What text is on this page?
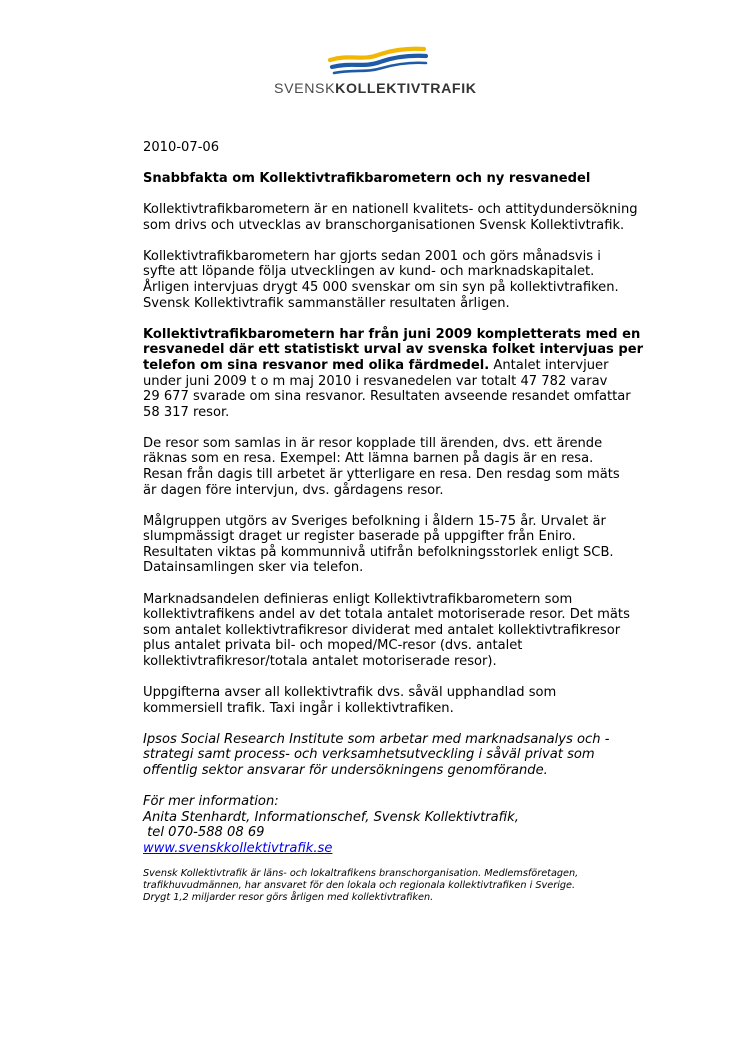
SVENSKKOLLEKTIVTRAFIK
2010-07-06
Snabbfakta om Kollektivtrafikbarometern och ny resvanedel
Kollektivtrafikbarometern är en nationell kvalitets- och attitydundersökning
som drivs och utvecklas av branschorganisationen Svensk Kollektivtrafik.
Kollektivtrafikbarometern har gjorts sedan 2001 och görs månadsvis i
syfte att löpande följa utvecklingen av kund- och marknadskapitalet.
Årligen intervjuas drygt 45 000 svenskar om sin syn på kollektivtrafiken.
Svensk Kollektivtrafik sammanställer resultaten årligen.
Kollektivtrafikbarometern har från juni 2009 kompletterats med en
resvanedel där ett statistiskt urval av svenska folket intervjuas per
telefon om sina resvanor med olika färdmedel. Antalet intervjuer
under juni 2009 t o m maj 2010 i resvanedelen var totalt 47 782 varav
29 677 svarade om sina resvanor. Resultaten avseende resandet omfattar
58 317 resor.
De resor som samlas in är resor kopplade till ärenden, dvs. ett ärende
räknas som en resa. Exempel: Att lämna barnen på dagis är en resa.
Resan från dagis till arbetet är ytterligare en resa. Den resdag som mäts
är dagen före intervjun, dvs. gårdagens resor.
Målgruppen utgörs av Sveriges befolkning i åldern 15-75 år. Urvalet är
slumpmässigt draget ur register baserade på uppgifter från Eniro.
Resultaten viktas på kommunnivå utifrån befolkningsstorlek enligt SCB.
Datainsamlingen sker via telefon.
Marknadsandelen definieras enligt Kollektivtrafikbarometern som
kollektivtrafikens andel av det totala antalet motoriserade resor. Det mäts
som antalet kollektivtrafikresor dividerat med antalet kollektivtrafikresor
plus antalet privata bil- och moped/MC-resor (dvs. antalet
kollektivtrafikresor/totala antalet motoriserade resor).
Uppgifterna avser all kollektivtrafik dvs. såväl upphandlad som
kommersiell trafik. Taxi ingår i kollektivtrafiken.
Ipsos Social Research Institute som arbetar med marknadsanalys och -
strategi samt process- och verksamhetsutveckling i såväl privat som
offentlig sektor ansvarar för undersökningens genomförande.
För mer information:
Anita Stenhardt, Informationschef, Svensk Kollektivtrafik,
tel 070-588 08 69
www.svenskkollektivtrafik.se
Svensk Kollektivtrafik är läns- och lokaltrafikens branschorganisation. Medlemsföretagen,
trafikhuvudmännen, har ansvaret för den lokala och regionala kollektivtrafiken i Sverige.
Drygt 1,2 miljarder resor görs årligen med kollektivtrafiken.
